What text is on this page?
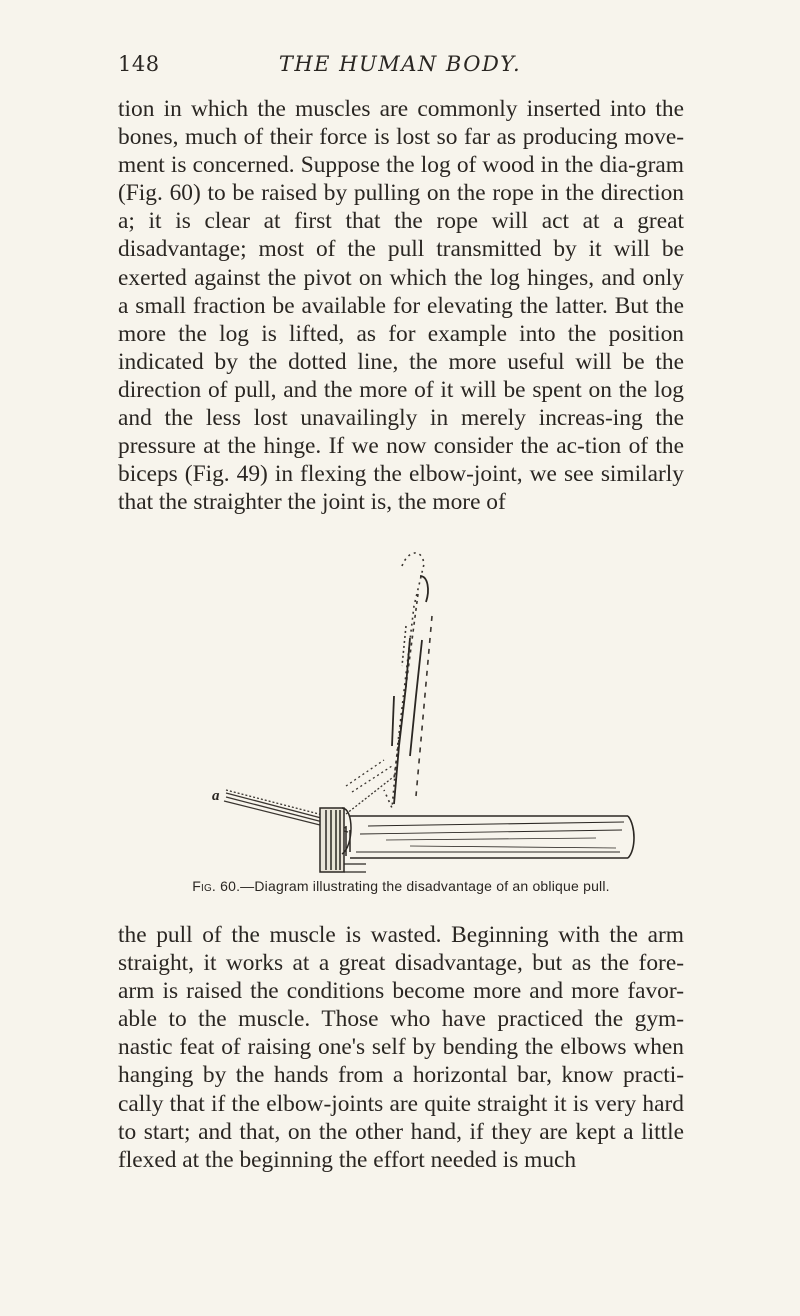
148	THE HUMAN BODY.

tion in which the muscles are commonly inserted into the bones, much of their force is lost so far as producing move-ment is concerned. Suppose the log of wood in the dia-gram (Fig. 60) to be raised by pulling on the rope in the direction a; it is clear at first that the rope will act at a great disadvantage; most of the pull transmitted by it will be exerted against the pivot on which the log hinges, and only a small fraction be available for elevating the latter. But the more the log is lifted, as for example into the position indicated by the dotted line, the more useful will be the direction of pull, and the more of it will be spent on the log and the less lost unavailingly in merely increas-ing the pressure at the hinge. If we now consider the ac-tion of the biceps (Fig. 49) in flexing the elbow-joint, we see similarly that the straighter the joint is, the more of

a
Fig. 60.—Diagram illustrating the disadvantage of an oblique pull.

the pull of the muscle is wasted. Beginning with the arm straight, it works at a great disadvantage, but as the fore-arm is raised the conditions become more and more favor-able to the muscle. Those who have practiced the gym-nastic feat of raising one's self by bending the elbows when hanging by the hands from a horizontal bar, know practi-cally that if the elbow-joints are quite straight it is very hard to start; and that, on the other hand, if they are kept a little flexed at the beginning the effort needed is much
